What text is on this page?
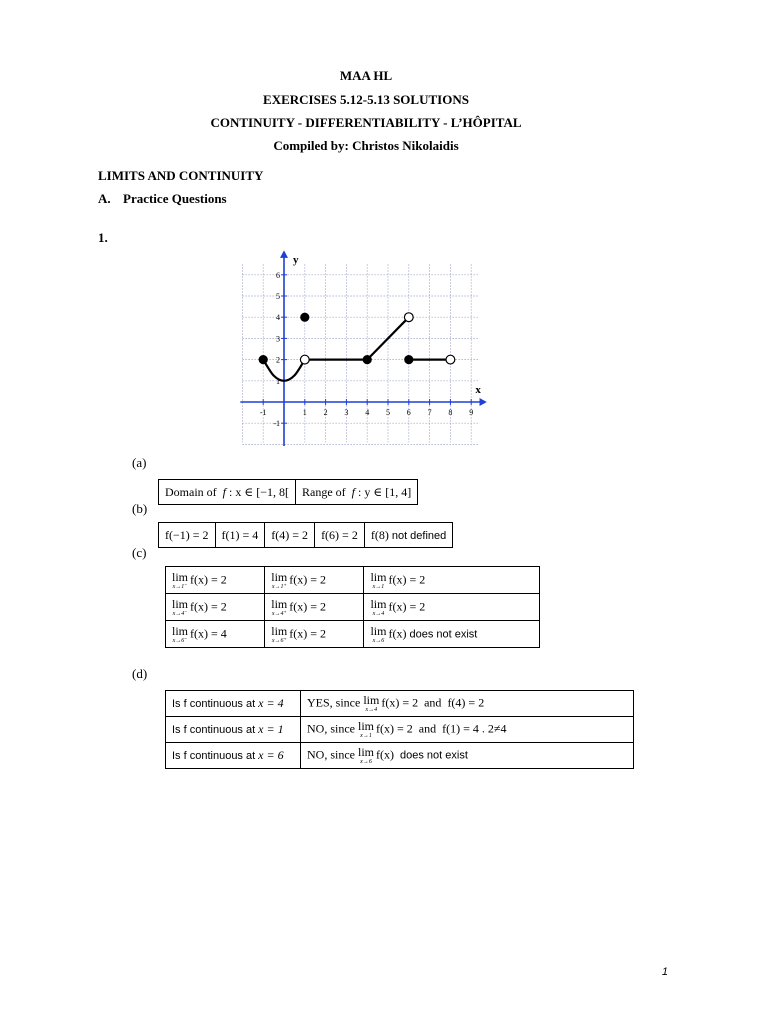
MAA HL
EXERCISES 5.12-5.13 SOLUTIONS
CONTINUITY - DIFFERENTIABILITY - L’HÔPITAL
Compiled by: Christos Nikolaidis
LIMITS AND CONTINUITY
A. Practice Questions
1.
-1	1 2 3 4 5 6 7 8 9
6
5
4
3
2
1
-1
x
y
(a)
Domain of f : x ∈ [−1, 8[	Range of f : y ∈ [1, 4]
(b)
f(−1) = 2	f(1) = 4	f(4) = 2	f(6) = 2	f(8) not defined
(c)
lim
x→1⁻
f(x) = 2	lim
x→1⁺
f(x) = 2	lim
x→1
f(x) = 2

lim
x→4⁻
f(x) = 2	lim
x→4⁺
f(x) = 2	lim
x→4
f(x) = 2

lim
x→6⁻
f(x) = 4	lim
x→6⁺
f(x) = 2	lim
x→6
f(x) does not exist
(d)
Is f continuous at x = 4	YES, since lim
x→4
f(x) = 2 and f(4) = 2
Is f continuous at x = 1	NO, since lim
x→1
f(x) = 2 and f(1) = 4 . 2≠4
Is f continuous at x = 6	NO, since lim
x→6
f(x) does not exist
1
